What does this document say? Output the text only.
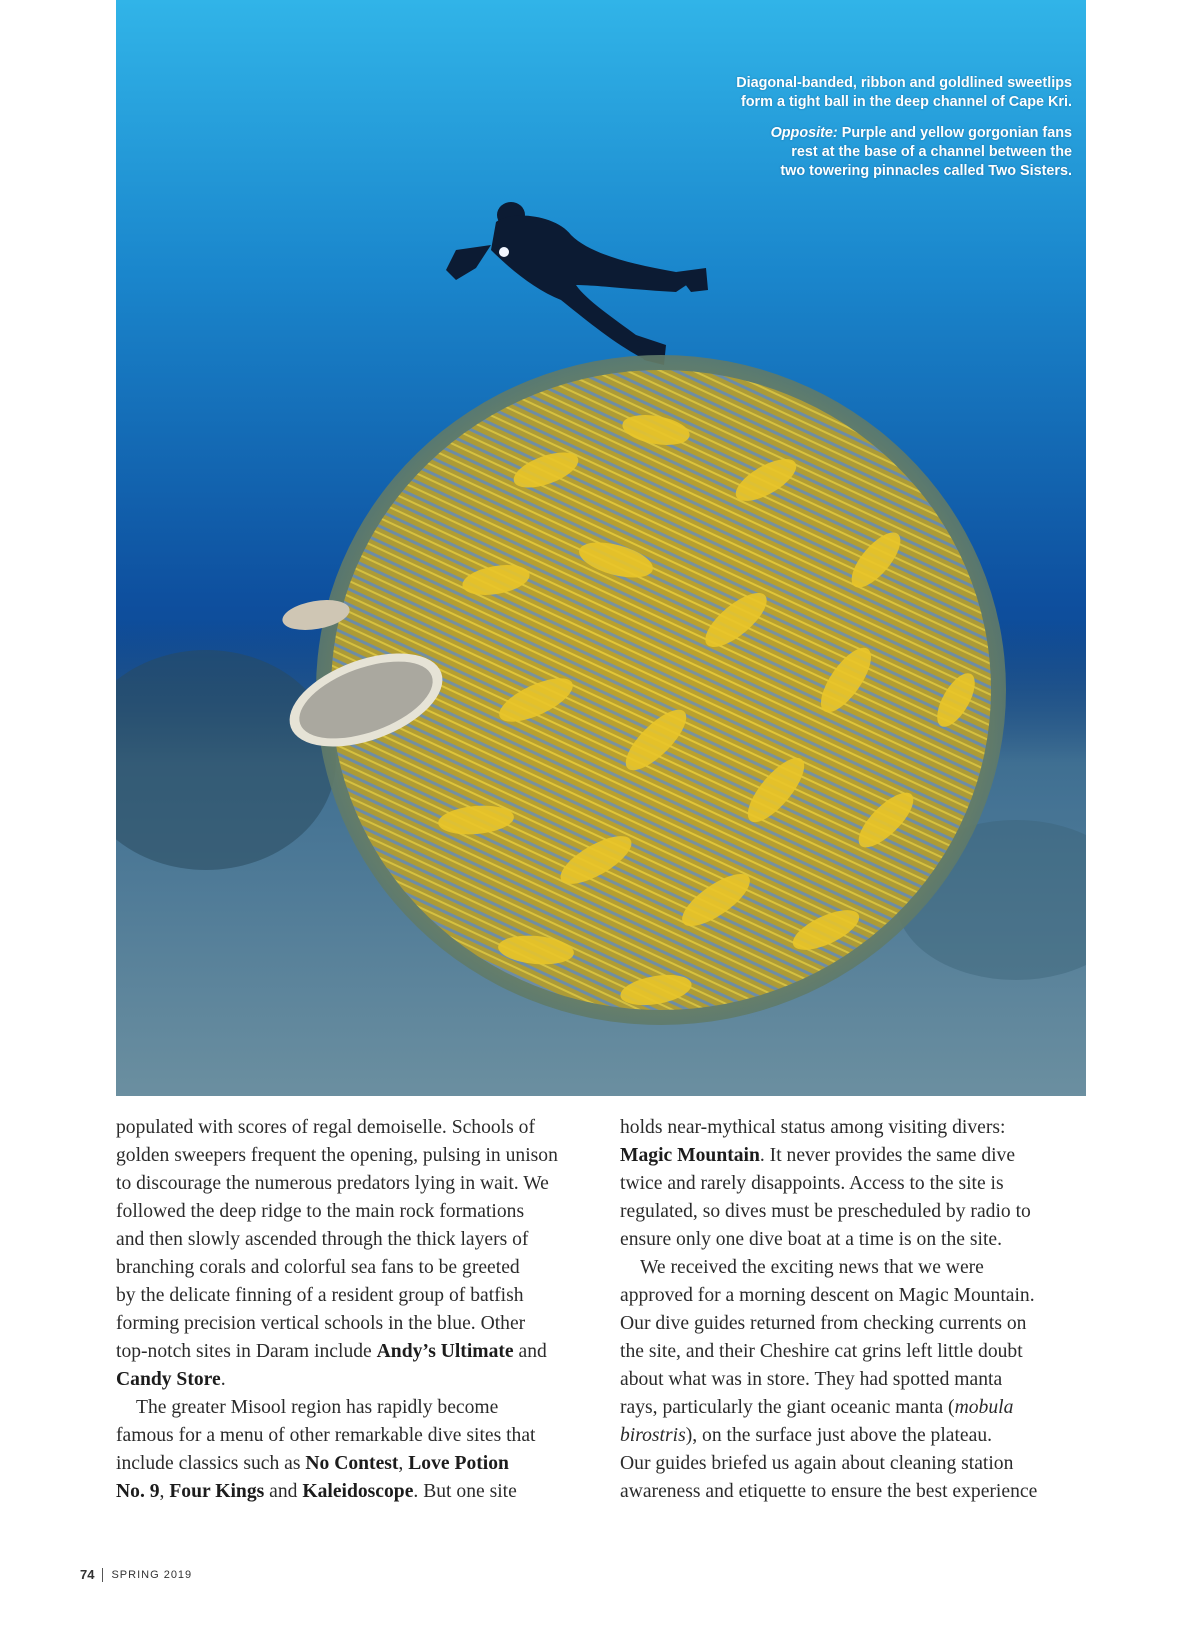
Diagonal-banded, ribbon and goldlined sweetlips
form a tight ball in the deep channel of Cape Kri.

Opposite: Purple and yellow gorgonian fans
rest at the base of a channel between the
two towering pinnacles called Two Sisters.

populated with scores of regal demoiselle. Schools of
golden sweepers frequent the opening, pulsing in unison
to discourage the numerous predators lying in wait. We
followed the deep ridge to the main rock formations
and then slowly ascended through the thick layers of
branching corals and colorful sea fans to be greeted
by the delicate finning of a resident group of batfish
forming precision vertical schools in the blue. Other
top-notch sites in Daram include Andy’s Ultimate and
Candy Store.
The greater Misool region has rapidly become
famous for a menu of other remarkable dive sites that
include classics such as No Contest, Love Potion
No. 9, Four Kings and Kaleidoscope. But one site
holds near-mythical status among visiting divers:
Magic Mountain. It never provides the same dive
twice and rarely disappoints. Access to the site is
regulated, so dives must be prescheduled by radio to
ensure only one dive boat at a time is on the site.
We received the exciting news that we were
approved for a morning descent on Magic Mountain.
Our dive guides returned from checking currents on
the site, and their Cheshire cat grins left little doubt
about what was in store. They had spotted manta
rays, particularly the giant oceanic manta (mobula
birostris), on the surface just above the plateau.
Our guides briefed us again about cleaning station
awareness and etiquette to ensure the best experience
74 SPRING 2019
